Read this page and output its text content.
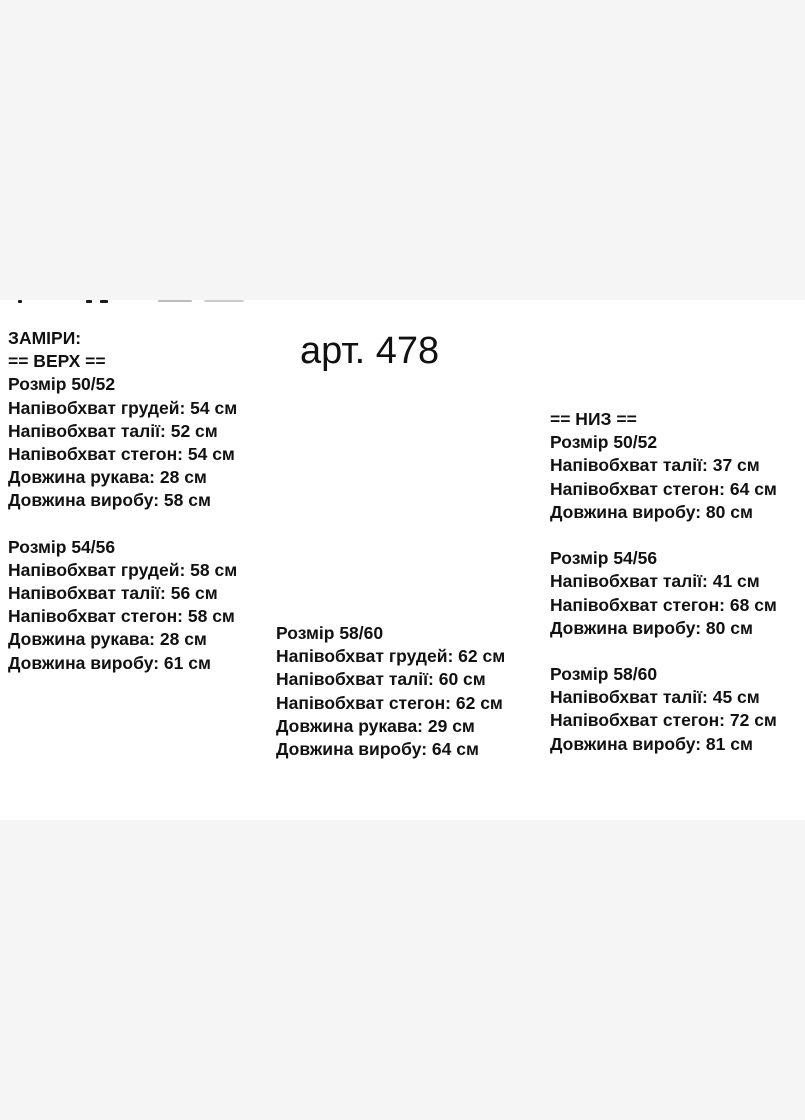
арт. 478
ЗАМІРИ:
== ВЕРХ ==
Розмір 50/52
Напівобхват грудей: 54 см
Напівобхват талії: 52 см
Напівобхват стегон: 54 см
Довжина рукава: 28 см
Довжина виробу: 58 см
Розмір 54/56
Напівобхват грудей: 58 см
Напівобхват талії: 56 см
Напівобхват стегон: 58 см
Довжина рукава: 28 см
Довжина виробу: 61 см
Розмір 58/60
Напівобхват грудей: 62 см
Напівобхват талії: 60 см
Напівобхват стегон: 62 см
Довжина рукава: 29 см
Довжина виробу: 64 см
== НИЗ ==
Розмір 50/52
Напівобхват талії: 37 см
Напівобхват стегон: 64 см
Довжина виробу: 80 см
Розмір 54/56
Напівобхват талії: 41 см
Напівобхват стегон: 68 см
Довжина виробу: 80 см
Розмір 58/60
Напівобхват талії: 45 см
Напівобхват стегон: 72 см
Довжина виробу: 81 см
